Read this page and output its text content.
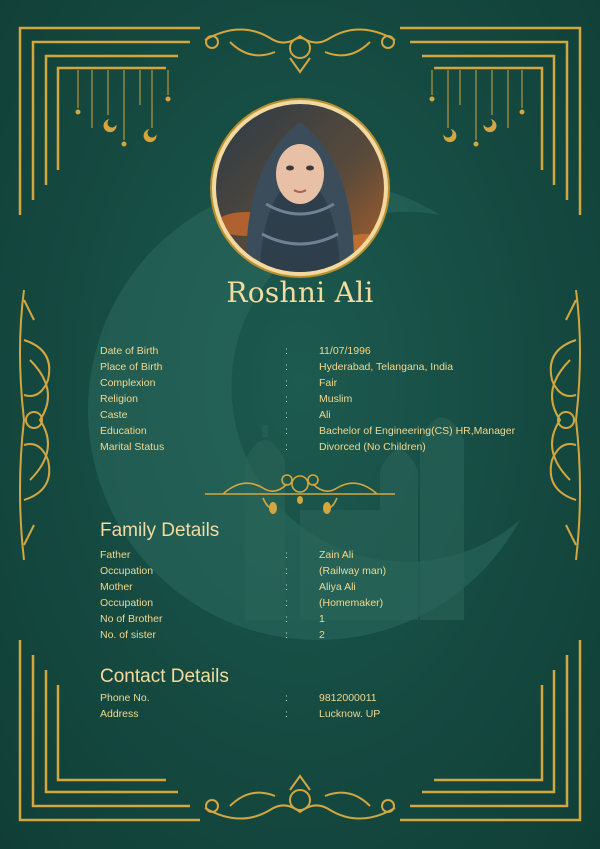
Roshni Ali
Date of Birth	:	11/07/1996
Place of Birth	:	Hyderabad, Telangana, India
Complexion	:	Fair
Religion	:	Muslim
Caste	:	Ali
Education	:	Bachelor of Engineering(CS) HR,Manager
Marital Status	:	Divorced (No Children)
Family Details
Father	:	Zain Ali
Occupation	:	(Railway man)
Mother	:	Aliya Ali
Occupation	:	(Homemaker)
No of Brother	:	1
No. of sister	:	2
Contact Details
Phone No.	:	9812000011
Address	:	Lucknow. UP
